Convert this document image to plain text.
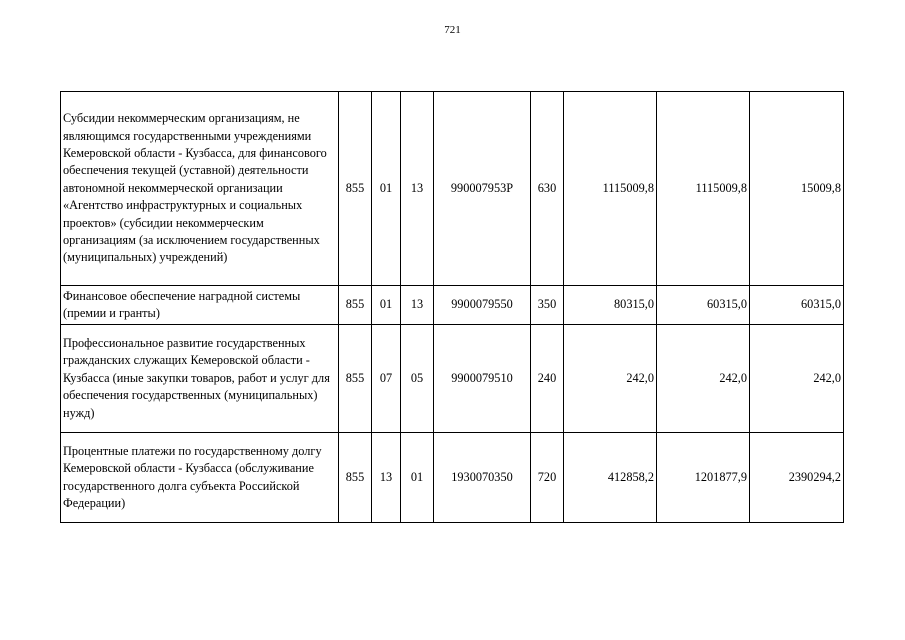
721
Субсидии некоммерческим организациям, не являющимся государственными учреждениями Кемеровской области - Кузбасса, для финансового обеспечения текущей (уставной) деятельности автономной некоммерческой организации «Агентство инфраструктурных и социальных проектов» (субсидии некоммерческим организациям (за исключением государственных (муниципальных) учреждений)	855	01	13	990007953Р	630	1115009,8	1115009,8	15009,8
Финансовое обеспечение наградной системы (премии и гранты)	855	01	13	9900079550	350	80315,0	60315,0	60315,0
Профессиональное развитие государственных гражданских служащих Кемеровской области - Кузбасса (иные закупки товаров, работ и услуг для обеспечения государственных (муниципальных) нужд)	855	07	05	9900079510	240	242,0	242,0	242,0
Процентные платежи по государственному долгу Кемеровской области - Кузбасса (обслуживание государственного долга субъекта Российской Федерации)	855	13	01	1930070350	720	412858,2	1201877,9	2390294,2
